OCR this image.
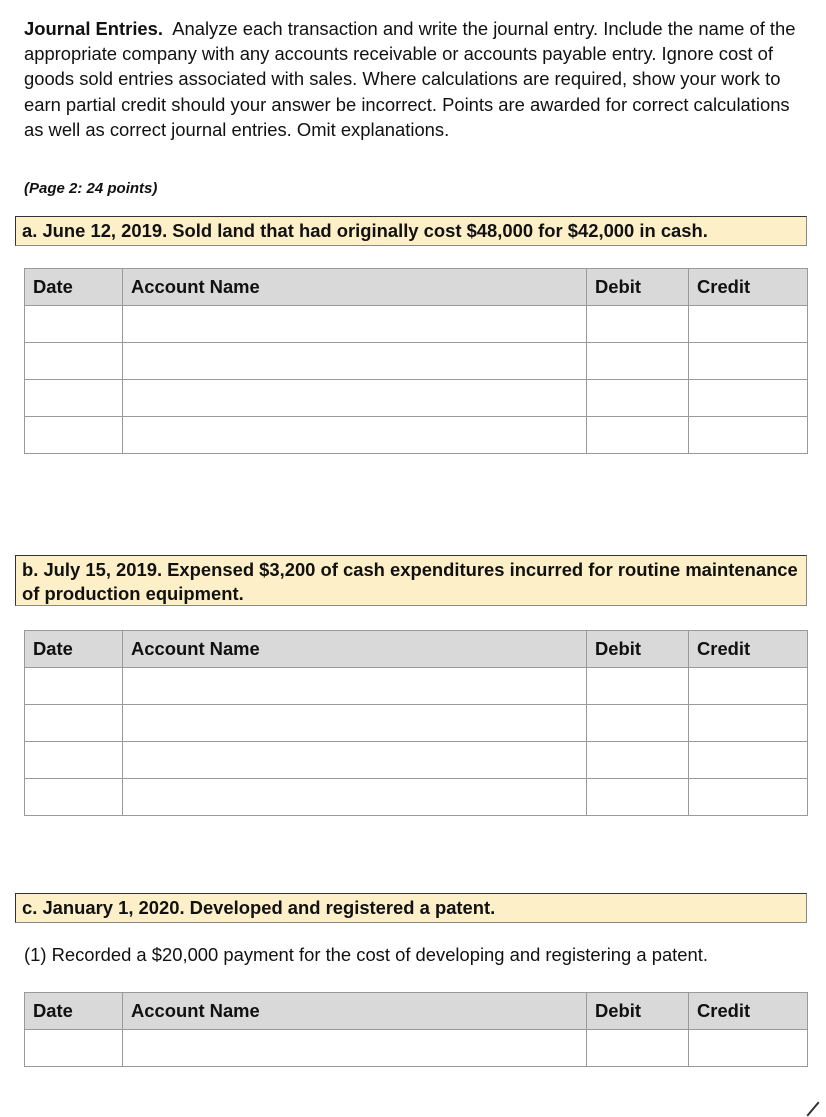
Journal Entries. Analyze each transaction and write the journal entry. Include the name of the appropriate company with any accounts receivable or accounts payable entry. Ignore cost of goods sold entries associated with sales. Where calculations are required, show your work to earn partial credit should your answer be incorrect. Points are awarded for correct calculations as well as correct journal entries. Omit explanations.
(Page 2: 24 points)
a. June 12, 2019. Sold land that had originally cost $48,000 for $42,000 in cash.
Date	Account Name	Debit	Credit

b. July 15, 2019. Expensed $3,200 of cash expenditures incurred for routine maintenance of production equipment.
Date	Account Name	Debit	Credit

c. January 1, 2020. Developed and registered a patent.
(1) Recorded a $20,000 payment for the cost of developing and registering a patent.
Date	Account Name	Debit	Credit
